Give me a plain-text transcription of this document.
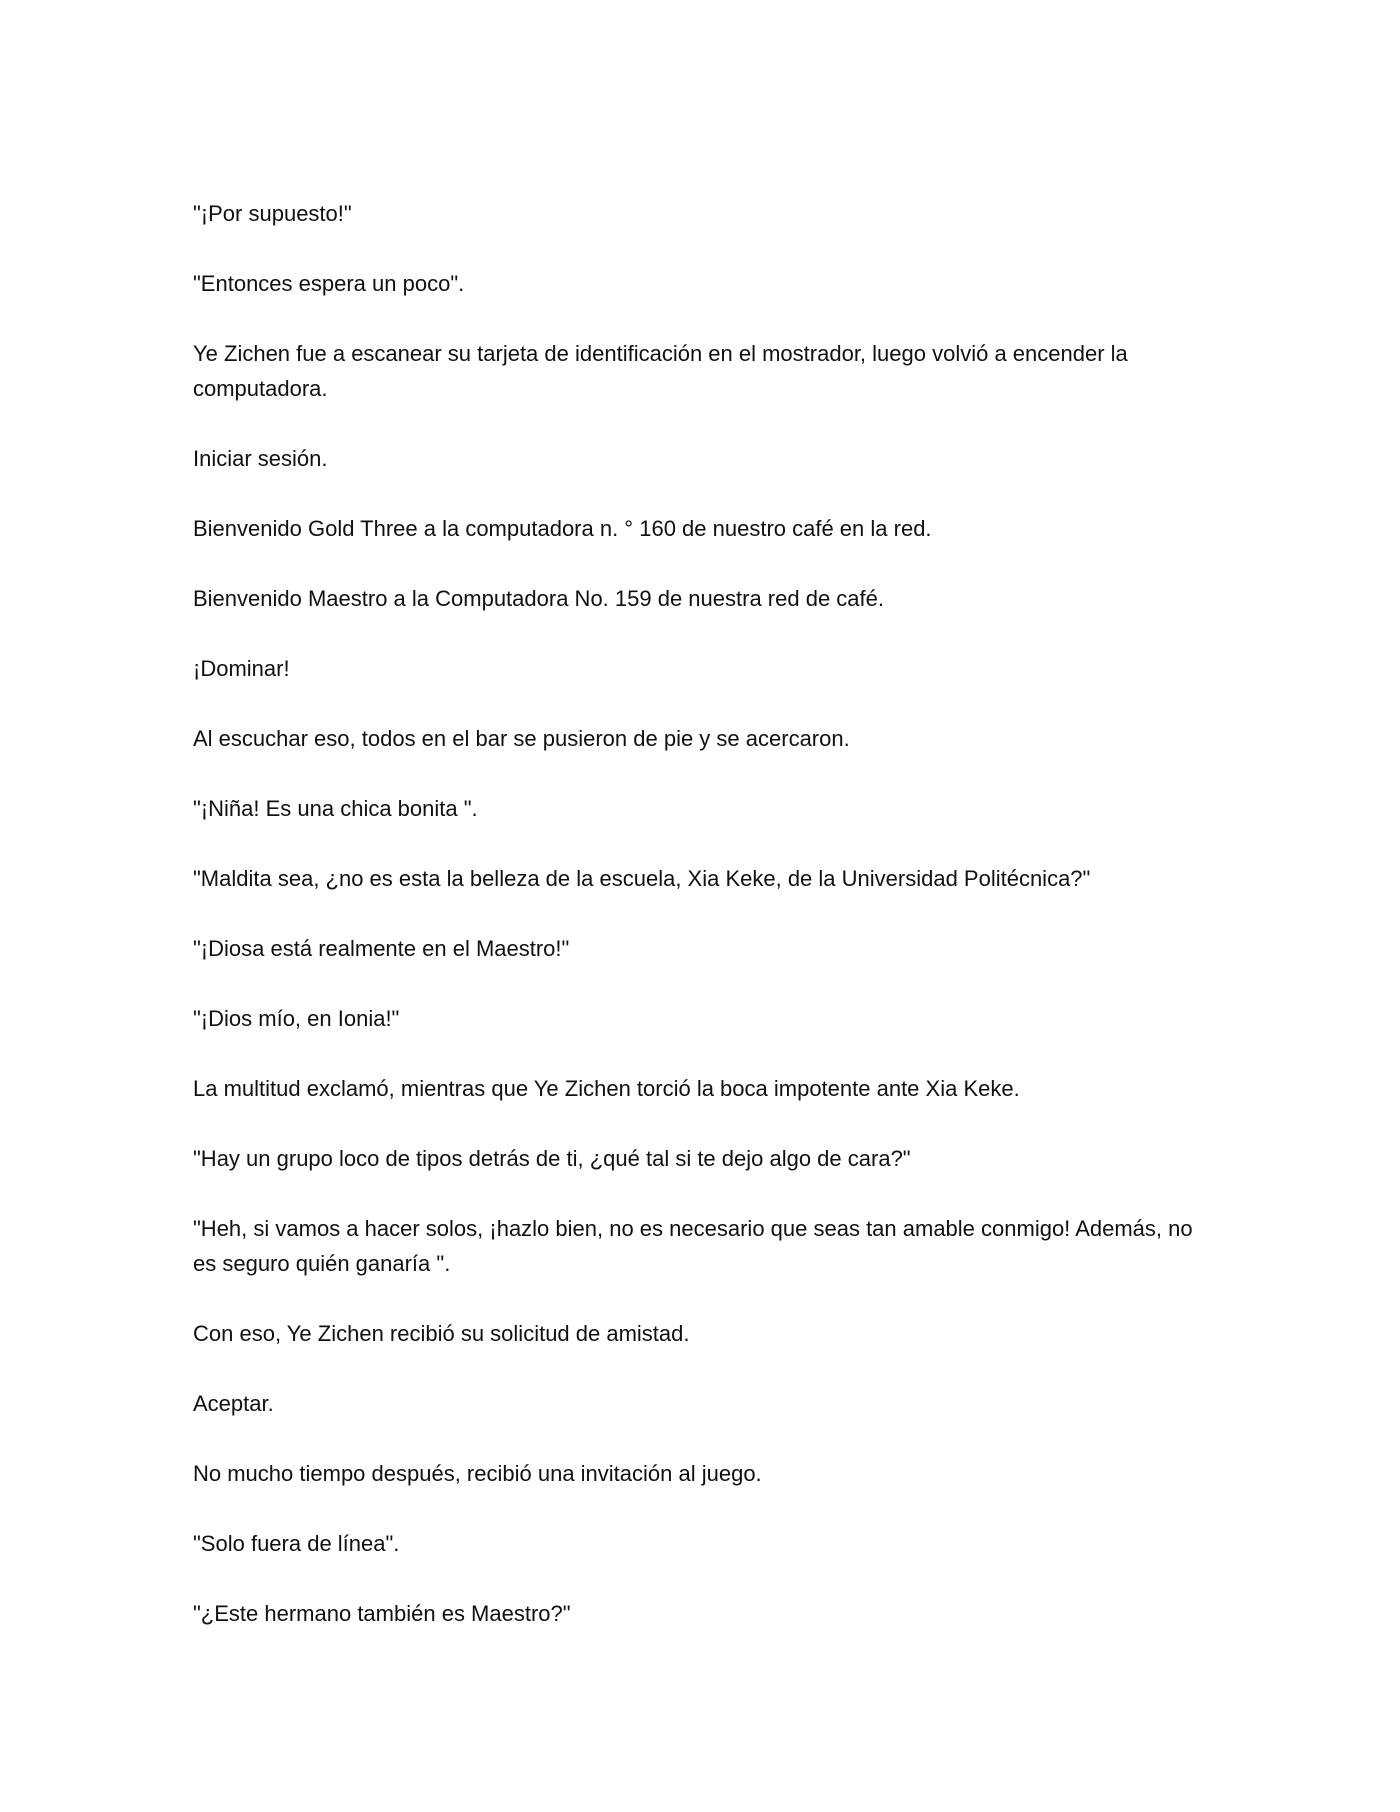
"¡Por supuesto!"

"Entonces espera un poco".

Ye Zichen fue a escanear su tarjeta de identificación en el mostrador, luego volvió a encender la computadora.

Iniciar sesión.

Bienvenido Gold Three a la computadora n. ° 160 de nuestro café en la red.

Bienvenido Maestro a la Computadora No. 159 de nuestra red de café.

¡Dominar!

Al escuchar eso, todos en el bar se pusieron de pie y se acercaron.

"¡Niña! Es una chica bonita ".

"Maldita sea, ¿no es esta la belleza de la escuela, Xia Keke, de la Universidad Politécnica?"

"¡Diosa está realmente en el Maestro!"

"¡Dios mío, en Ionia!"

La multitud exclamó, mientras que Ye Zichen torció la boca impotente ante Xia Keke.

"Hay un grupo loco de tipos detrás de ti, ¿qué tal si te dejo algo de cara?"

"Heh, si vamos a hacer solos, ¡hazlo bien, no es necesario que seas tan amable conmigo! Además, no es seguro quién ganaría ".

Con eso, Ye Zichen recibió su solicitud de amistad.

Aceptar.

No mucho tiempo después, recibió una invitación al juego.

"Solo fuera de línea".

"¿Este hermano también es Maestro?"
